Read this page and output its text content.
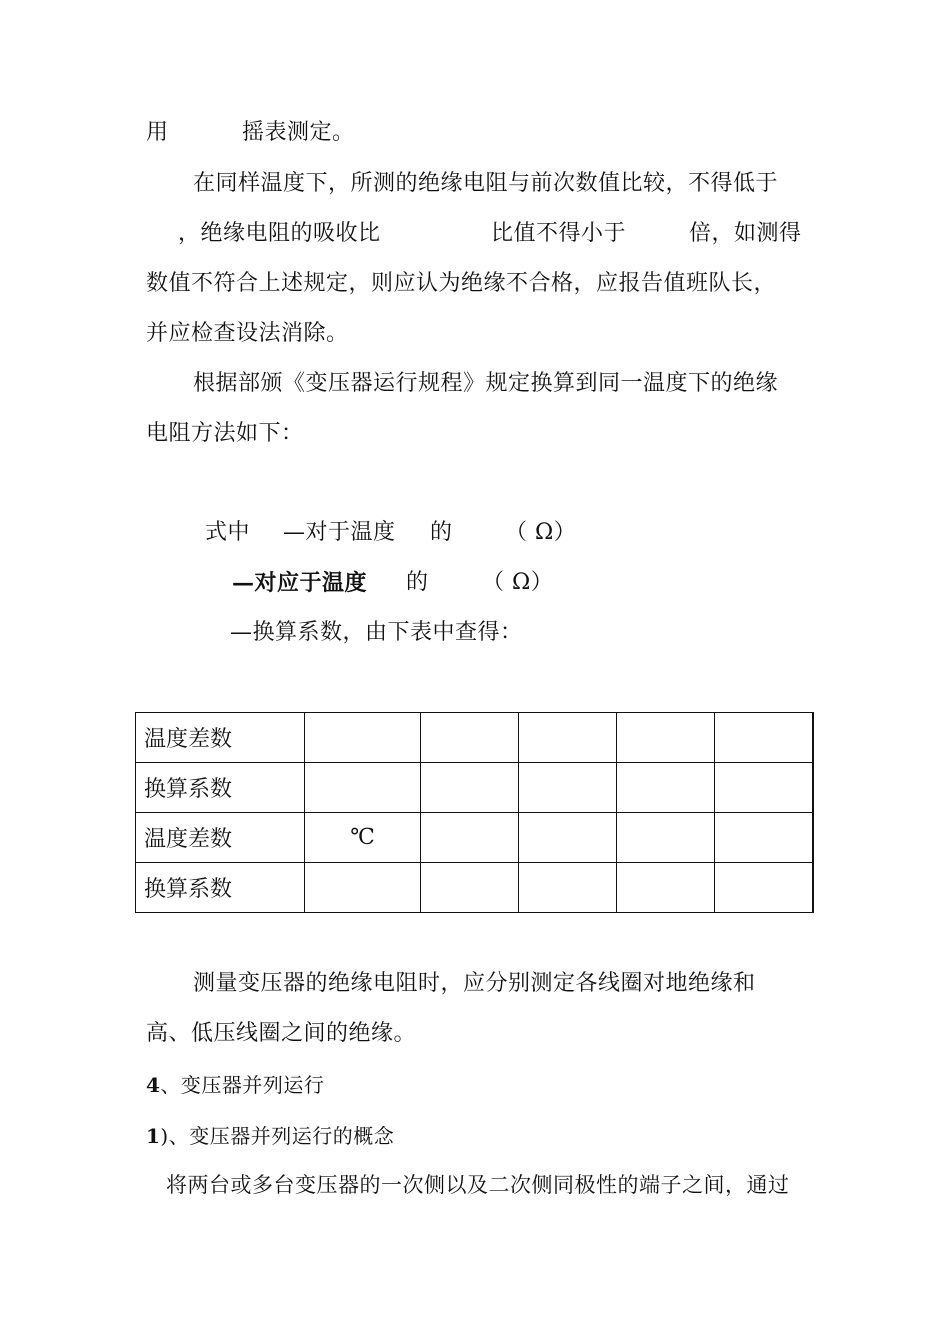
用	摇表测定。
在同样温度下，所测的绝缘电阻与前次数值比较，不得低于
，绝缘电阻的吸收比	比值不得小于	倍，如测得
数值不符合上述规定，则应认为绝缘不合格，应报告值班队长，
并应检查设法消除。
根据部颁《变压器运行规程》规定换算到同一温度下的绝缘
电阻方法如下：
式中 —对于温度 的 （ Ω）
—对应于温度 的 （ Ω）
—换算系数，由下表中查得：
温度差数					
换算系数					
温度差数	℃				
换算系数					
测量变压器的绝缘电阻时，应分别测定各线圈对地绝缘和
高、低压线圈之间的绝缘。
4、变压器并列运行
1)、变压器并列运行的概念
将两台或多台变压器的一次侧以及二次侧同极性的端子之间，通过
